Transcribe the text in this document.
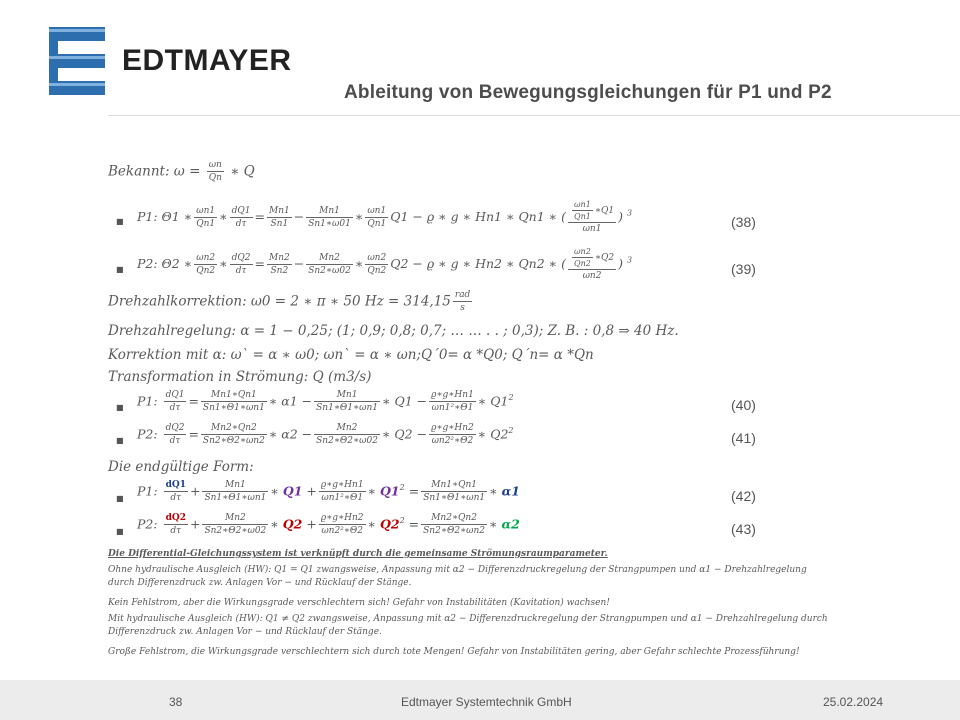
EDTMAYER
Ableitung von Bewegungsgleichungen für P1 und P2
Bekannt: $\omega = \frac{\omega n}{Qn}$ ∗ Q
■ P1: Θ1 ∗ $\frac{\omega n1}{Qn1}$ ∗ $\frac{dQ1}{d\tau} = \frac{Mn1}{Sn1} - \frac{Mn1}{Sn1∗\omega 01}$ ∗ $\frac{\omega n1}{Qn1} Q1 - ϱ$ ∗ g ∗ Hn1 ∗ Qn1 ∗ ( $\frac{\frac{\omega n1}{Qn1} ∗Q1}{\omega n1}$ ) $^3$
(38)
■ P2: Θ2 ∗ $\frac{\omega n2}{Qn2}$ ∗ $\frac{dQ2}{d\tau} = \frac{Mn2}{Sn2} - \frac{Mn2}{Sn2∗\omega 02}$ ∗ $\frac{\omega n2}{Qn2} Q2 - ϱ$ ∗ g ∗ Hn2 ∗ Qn2 ∗ ( $\frac{\frac{\omega n2}{Qn2} ∗Q2}{\omega n2}$ ) $^3$
(39)
Drehzahlkorrektion: ω0 = 2 ∗ π ∗ 50 $Hz = 314,15 \frac{\text{rad}}{s}$
Drehzahlregelung: α = 1 − 0,25; (1; 0,9; 0,8; 0,7; … … . . ; 0,3); Z. B. : 0,8 ⇒ 40 Hz.
Korrektion mit α: ω` = α ∗ ω0; ωn` = α ∗ ωn;Q´0= α *Q0; Q´n= α *Qn
Transformation in Strömung: Q (m3/s)
■ P1: $\frac{dQ1}{d\tau} = \frac{Mn1∗Qn1}{Sn1∗\Theta 1∗\omega n1}$ ∗ $\alpha 1 - \frac{Mn1}{Sn1∗\Theta 1∗\omega n1}$ ∗ $Q1 - \frac{ϱ∗g∗Hn1}{\text{ωn1²∗Θ1}}$ ∗ $Q1^2$	(40)
■ P2: $\frac{dQ2}{d\tau} = \frac{Mn2∗Qn2}{Sn2∗\Theta 2∗\omega n2}$ ∗ $\alpha 2 - \frac{Mn2}{Sn2∗\Theta 2∗\omega 02}$ ∗ $Q2 - \frac{ϱ∗g∗Hn2}{\text{ωn2²∗Θ2}}$ ∗ $Q2^2$	(41)
Die endgültige Form:
■
P1: $\frac{dQ1}{d\tau} + \frac{Mn1}{Sn1∗\Theta 1∗\omega n1}$ ∗ $Q1 + \frac{ϱ∗g∗Hn1}{\text{ωn1²∗Θ1}}$ ∗ $Q1^2 = \frac{Mn1∗Qn1}{Sn1∗\Theta 1∗\omega n1}$ ∗ α1	(42)
■
P2: $\frac{dQ2}{d\tau} + \frac{Mn2}{Sn2∗\Theta 2∗\omega 02}$ ∗ $Q2 + \frac{ϱ∗g∗Hn2}{\text{ωn2²∗Θ2}}$ ∗ $Q2^2 = \frac{Mn2∗Qn2}{Sn2∗\Theta 2∗\omega n2}$ ∗ α2	(43)
Die Differential-Gleichungssystem ist verknüpft durch die gemeinsame Strömungsraumparameter.
Ohne hydraulische Ausgleich (HW): Q1 = Q1 zwangsweise, Anpassung mit α2 − Differenzdruckregelung der Strangpumpen und α1 − Drehzahlregelung durch Differenzdruck zw. Anlagen Vor − und Rücklauf der Stänge.
Kein Fehlstrom, aber die Wirkungsgrade verschlechtern sich! Gefahr von Instabilitäten (Kavitation) wachsen!
Mit hydraulische Ausgleich (HW): Q1 ≠ Q2 zwangsweise, Anpassung mit α2 − Differenzdruckregelung der Strangpumpen und α1 − Drehzahlregelung durch Differenzdruck zw. Anlagen Vor − und Rücklauf der Stänge.
Große Fehlstrom, die Wirkungsgrade verschlechtern sich durch tote Mengen! Gefahr von Instabilitäten gering, aber Gefahr schlechte Prozessführung!
38	Edtmayer Systemtechnik GmbH	25.02.2024
